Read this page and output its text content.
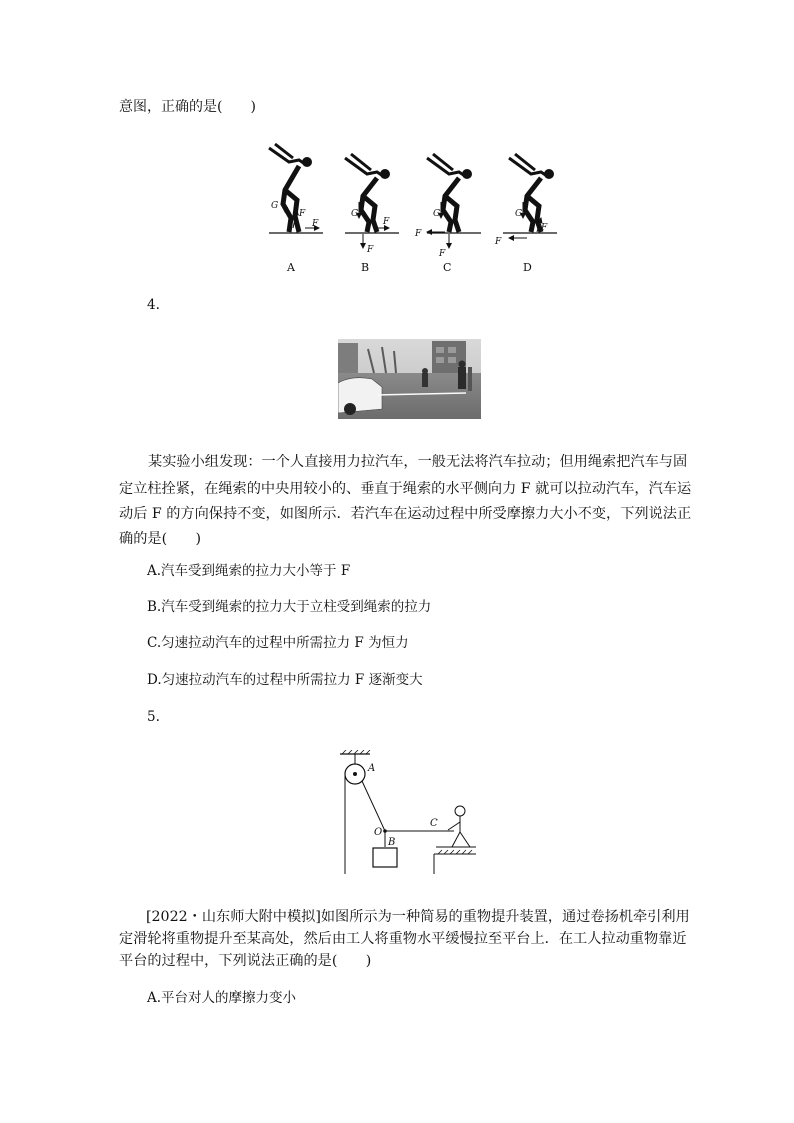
意图，正确的是(　　)
G
F
F
G
F
F
G
F
F
G
F
F
A	B	C	D
4.
某实验小组发现：一个人直接用力拉汽车，一般无法将汽车拉动；但用绳索把汽车与固
定立柱拴紧，在绳索的中央用较小的、垂直于绳索的水平侧向力 F 就可以拉动汽车，汽车运
动后 F 的方向保持不变，如图所示．若汽车在运动过程中所受摩擦力大小不变，下列说法正
确的是(　　)
A.汽车受到绳索的拉力大小等于 F
B.汽车受到绳索的拉力大于立柱受到绳索的拉力
C.匀速拉动汽车的过程中所需拉力 F 为恒力
D.匀速拉动汽车的过程中所需拉力 F 逐渐变大
5.
A
O
B
C
[2022・山东师大附中模拟]如图所示为一种简易的重物提升装置，通过卷扬机牵引利用
定滑轮将重物提升至某高处，然后由工人将重物水平缓慢拉至平台上．在工人拉动重物靠近
平台的过程中，下列说法正确的是(　　)
A.平台对人的摩擦力变小
